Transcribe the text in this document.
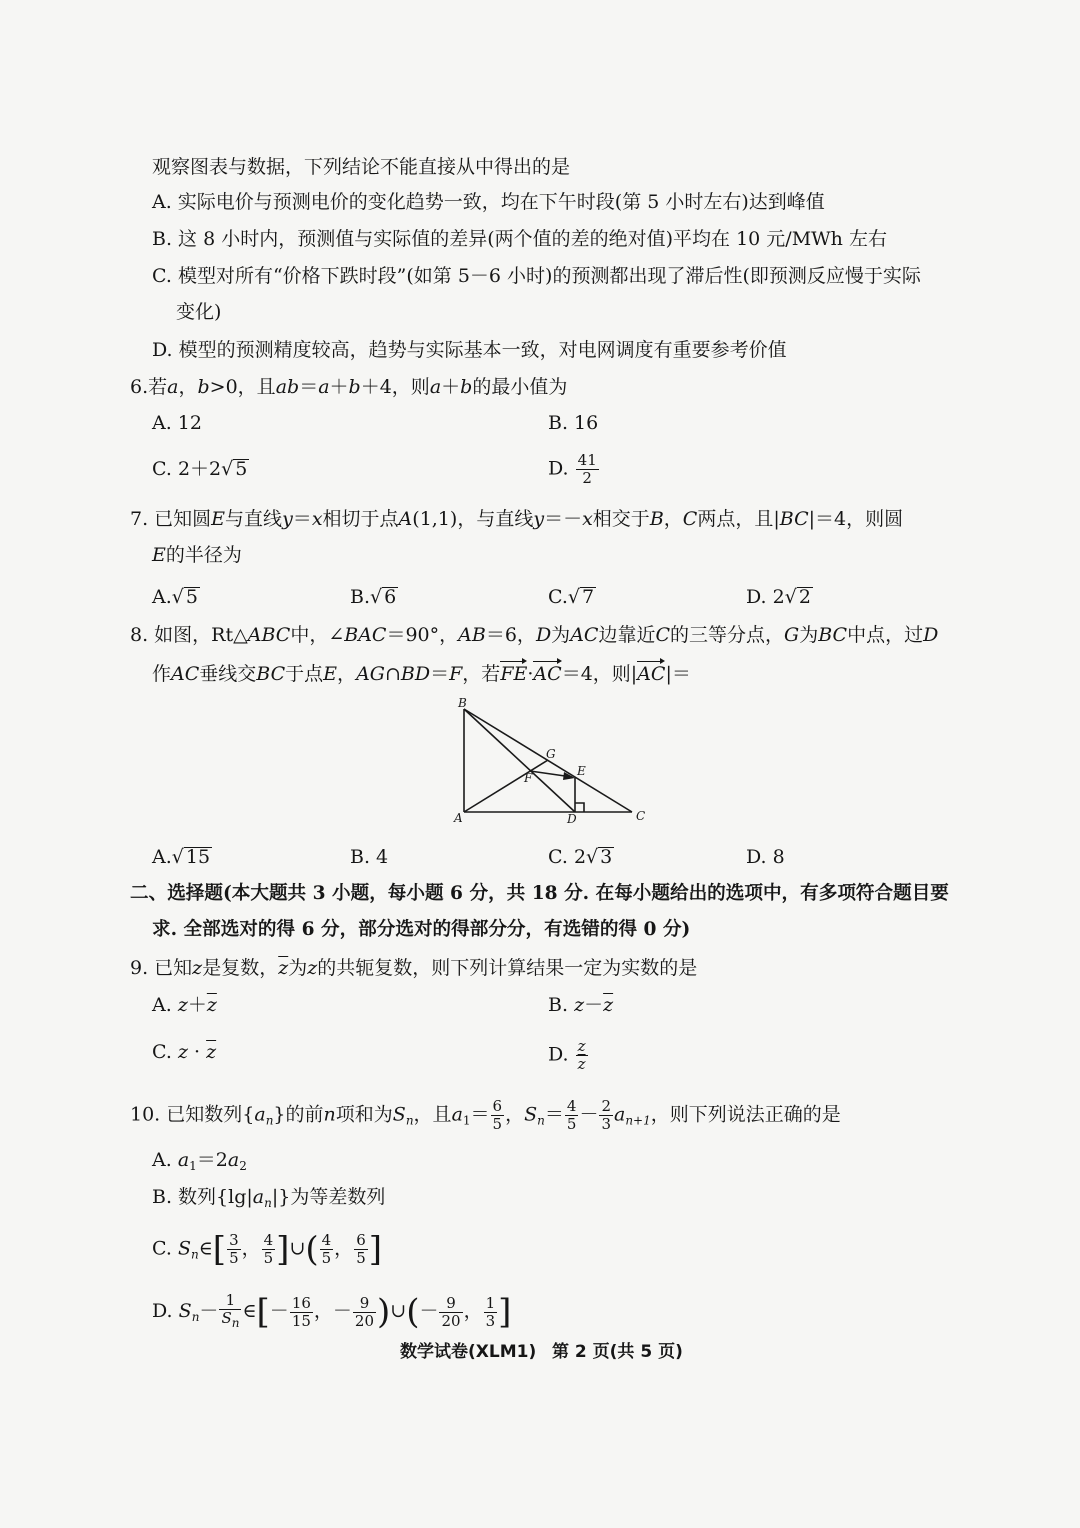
观察图表与数据，下列结论不能直接从中得出的是
A. 实际电价与预测电价的变化趋势一致，均在下午时段(第 5 小时左右)达到峰值
B. 这 8 小时内，预测值与实际值的差异(两个值的差的绝对值)平均在 10 元/MWh 左右
C. 模型对所有“价格下跌时段”(如第 5－6 小时)的预测都出现了滞后性(即预测反应慢于实际
变化)
D. 模型的预测精度较高，趋势与实际基本一致，对电网调度有重要参考价值
6.若a，b>0，且ab＝a＋b＋4，则a＋b的最小值为
A. 12	B. 16
C. 2＋2√ 5	D. $\frac{41}{2}$
7. 已知圆E与直线y＝x相切于点A(1,1)，与直线y＝－x相交于B，C两点，且|BC|＝4，则圆
E的半径为
A.√ 5	B.√ 6	C.√ 7	D. 2√ 2
8. 如图，Rt△ABC中，∠BAC＝90°，AB＝6，D为AC边靠近C的三等分点，G为BC中点，过D
作AC垂线交BC于点E，AG∩BD＝F，若FE·AC＝4，则|AC|＝
B
G
E
F
A	D	C
A.√ 15	B. 4	C. 2√ 3	D. 8
二、选择题(本大题共 3 小题，每小题 6 分，共 18 分. 在每小题给出的选项中，有多项符合题目要
求. 全部选对的得 6 分，部分选对的得部分分，有选错的得 0 分)
9. 已知z是复数，$\overline{z}$为z的共轭复数，则下列计算结果一定为实数的是
A. $z+\overline{z}$	B. $z-\overline{z}$
C. $z \cdot \overline{z}$	D. $\frac{z}{z}$
10. 已知数列$\{a_n\}$的前n项和为$S_n$，且$a_1= \frac{6}{5}$ ，$S_n= \frac{4}{5} - \frac{2}{3} a_{n+1}$，则下列说法正确的是
A. $a_1=2a_2$
B. 数列$\{\lg|a_n|\}$为等差数列
C. $S_n\in[ \frac{3}{5}$ ， $\frac{4}{5}$ ]∪( $\frac{4}{5}$ ， $\frac{6}{5}$ ]
D. $S_n- \frac{1}{S_n}$ ∈[－ $\frac{16}{15}$ ，－ $\frac{9}{20}$ )∪(－ $\frac{9}{20}$ ， $\frac{1}{3}$ ]
数学试卷(XLM1) 第 2 页(共 5 页)
